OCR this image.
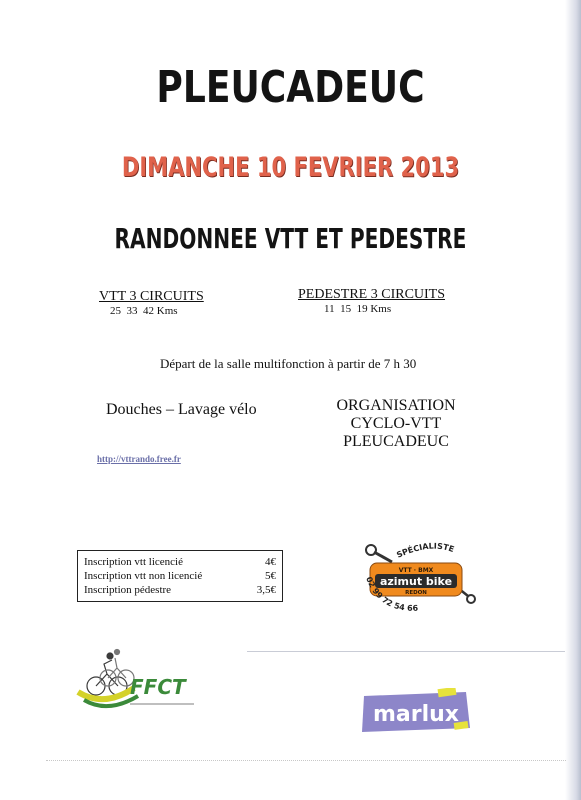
PLEUCADEUC
DIMANCHE 10 FEVRIER 2013
RANDONNEE VTT ET PEDESTRE
VTT 3 CIRCUITS
25  33  42 Kms
PEDESTRE 3 CIRCUITS
11  15  19 Kms
Départ de la salle multifonction à partir de 7 h 30
Douches – Lavage vélo	ORGANISATION
CYCLO-VTT
PLEUCADEUC
http://vttrando.free.fr
Inscription vtt licencié	4€
Inscription vtt non licencié	5€
Inscription pédestre	3,5€
VTT · BMX
azimut bike
REDON
SPÉCIALISTE
02 99 72 54 66
FFCT
marlux
